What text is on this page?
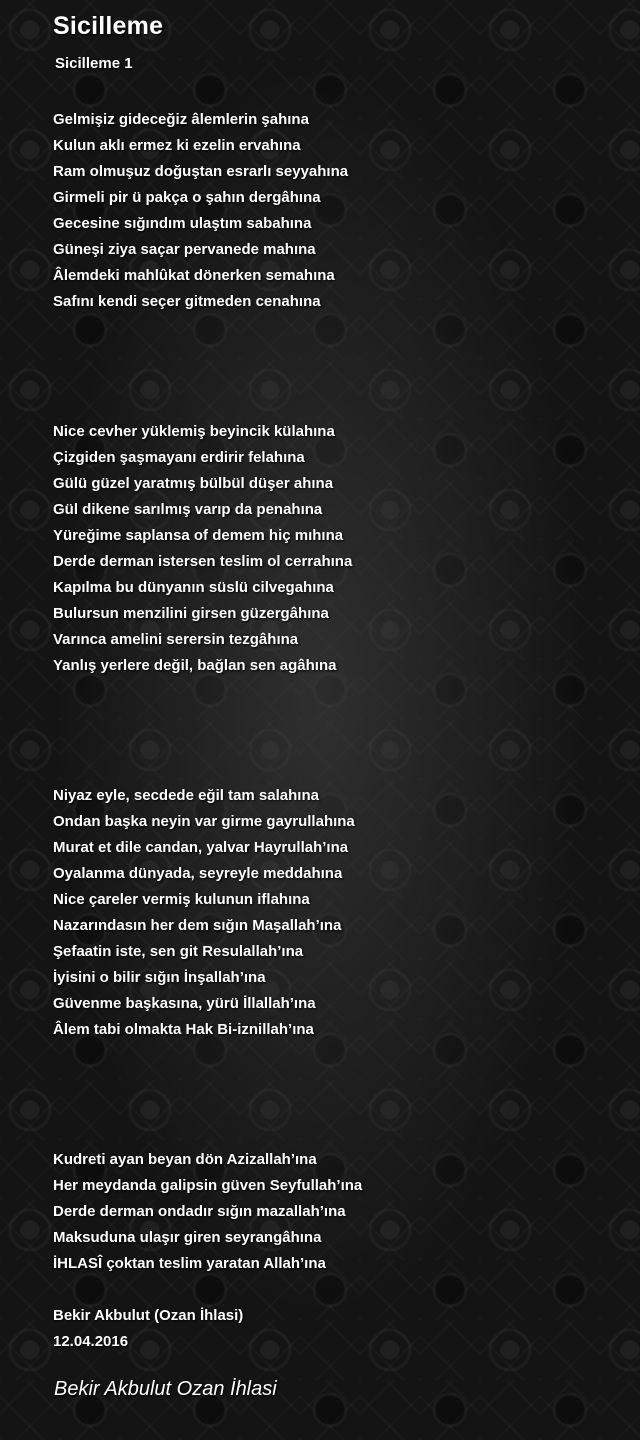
Sicilleme
Sicilleme 1
Gelmişiz gideceğiz âlemlerin şahına
Kulun aklı ermez ki ezelin ervahına
Ram olmuşuz doğuştan esrarlı seyyahına
Girmeli pir ü pakça o şahın dergâhına
Gecesine sığındım ulaştım sabahına
Güneşi ziya saçar pervanede mahına
Âlemdeki mahlûkat dönerken semahına
Safını kendi seçer gitmeden cenahına
Nice cevher yüklemiş beyincik külahına
Çizgiden şaşmayanı erdirir felahına
Gülü güzel yaratmış bülbül düşer ahına
Gül dikene sarılmış varıp da penahına
Yüreğime saplansa of demem hiç mıhına
Derde derman istersen teslim ol cerrahına
Kapılma bu dünyanın süslü cilvegahına
Bulursun menzilini girsen güzergâhına
Varınca amelini serersin tezgâhına
Yanlış yerlere değil, bağlan sen agâhına
Niyaz eyle, secdede eğil tam salahına
Ondan başka neyin var girme gayrullahına
Murat et dile candan, yalvar Hayrullah’ına
Oyalanma dünyada, seyreyle meddahına
Nice çareler vermiş kulunun iflahına
Nazarındasın her dem sığın Maşallah’ına
Şefaatin iste, sen git Resulallah’ına
İyisini o bilir sığın İnşallah’ına
Güvenme başkasına, yürü İllallah’ına
Âlem tabi olmakta Hak Bi-iznillah’ına
Kudreti ayan beyan dön Azizallah’ına
Her meydanda galipsin güven Seyfullah’ına
Derde derman ondadır sığın mazallah’ına
Maksuduna ulaşır giren seyrangâhına
İHLASÎ çoktan teslim yaratan Allah’ına
Bekir Akbulut (Ozan İhlasi)
12.04.2016
Bekir Akbulut Ozan İhlasi
